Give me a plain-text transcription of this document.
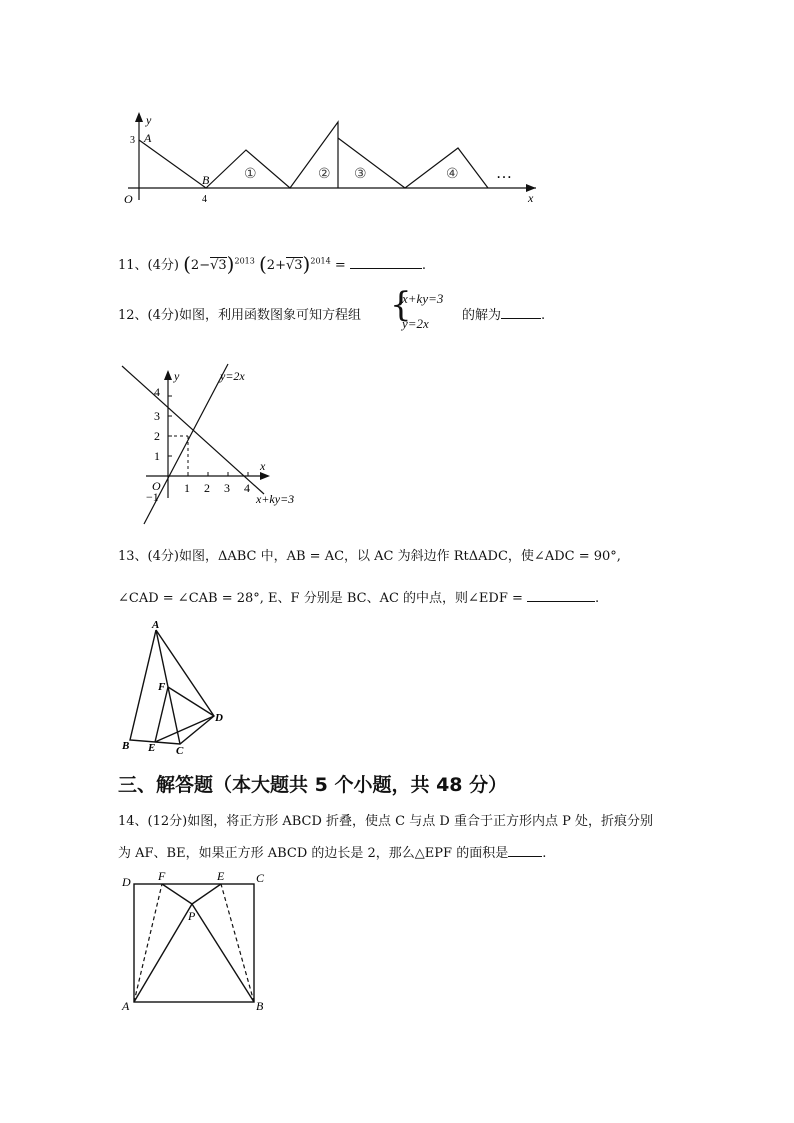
y
x
A
B
O
3
4
①	② ③	④ …
11、(4分) $(2-√3)^{2013}$ $(2+√3)^{2014}$ =	.
12、(4分)如图，利用函数图象可知方程组 {
x+ky=3
y=2x
的解为	.
y
x
O
−1
1 2 3 4
1
2
3
4
y=2x
x+ky=3
13、(4分)如图，ΔABC 中，AB = AC，以 AC 为斜边作 RtΔADC，使∠ADC = 90°,
∠CAD = ∠CAB = 28°, E、F 分别是 BC、AC 的中点，则∠EDF =	.
A
B	C
D
E
F
三、解答题（本大题共 5 个小题，共 48 分）
14、(12分)如图，将正方形 ABCD 折叠，使点 C 与点 D 重合于正方形内点 P 处，折痕分别
为 AF、BE，如果正方形 ABCD 的边长是 2，那么△EPF 的面积是	.
A	B
C
D	E
F
P
